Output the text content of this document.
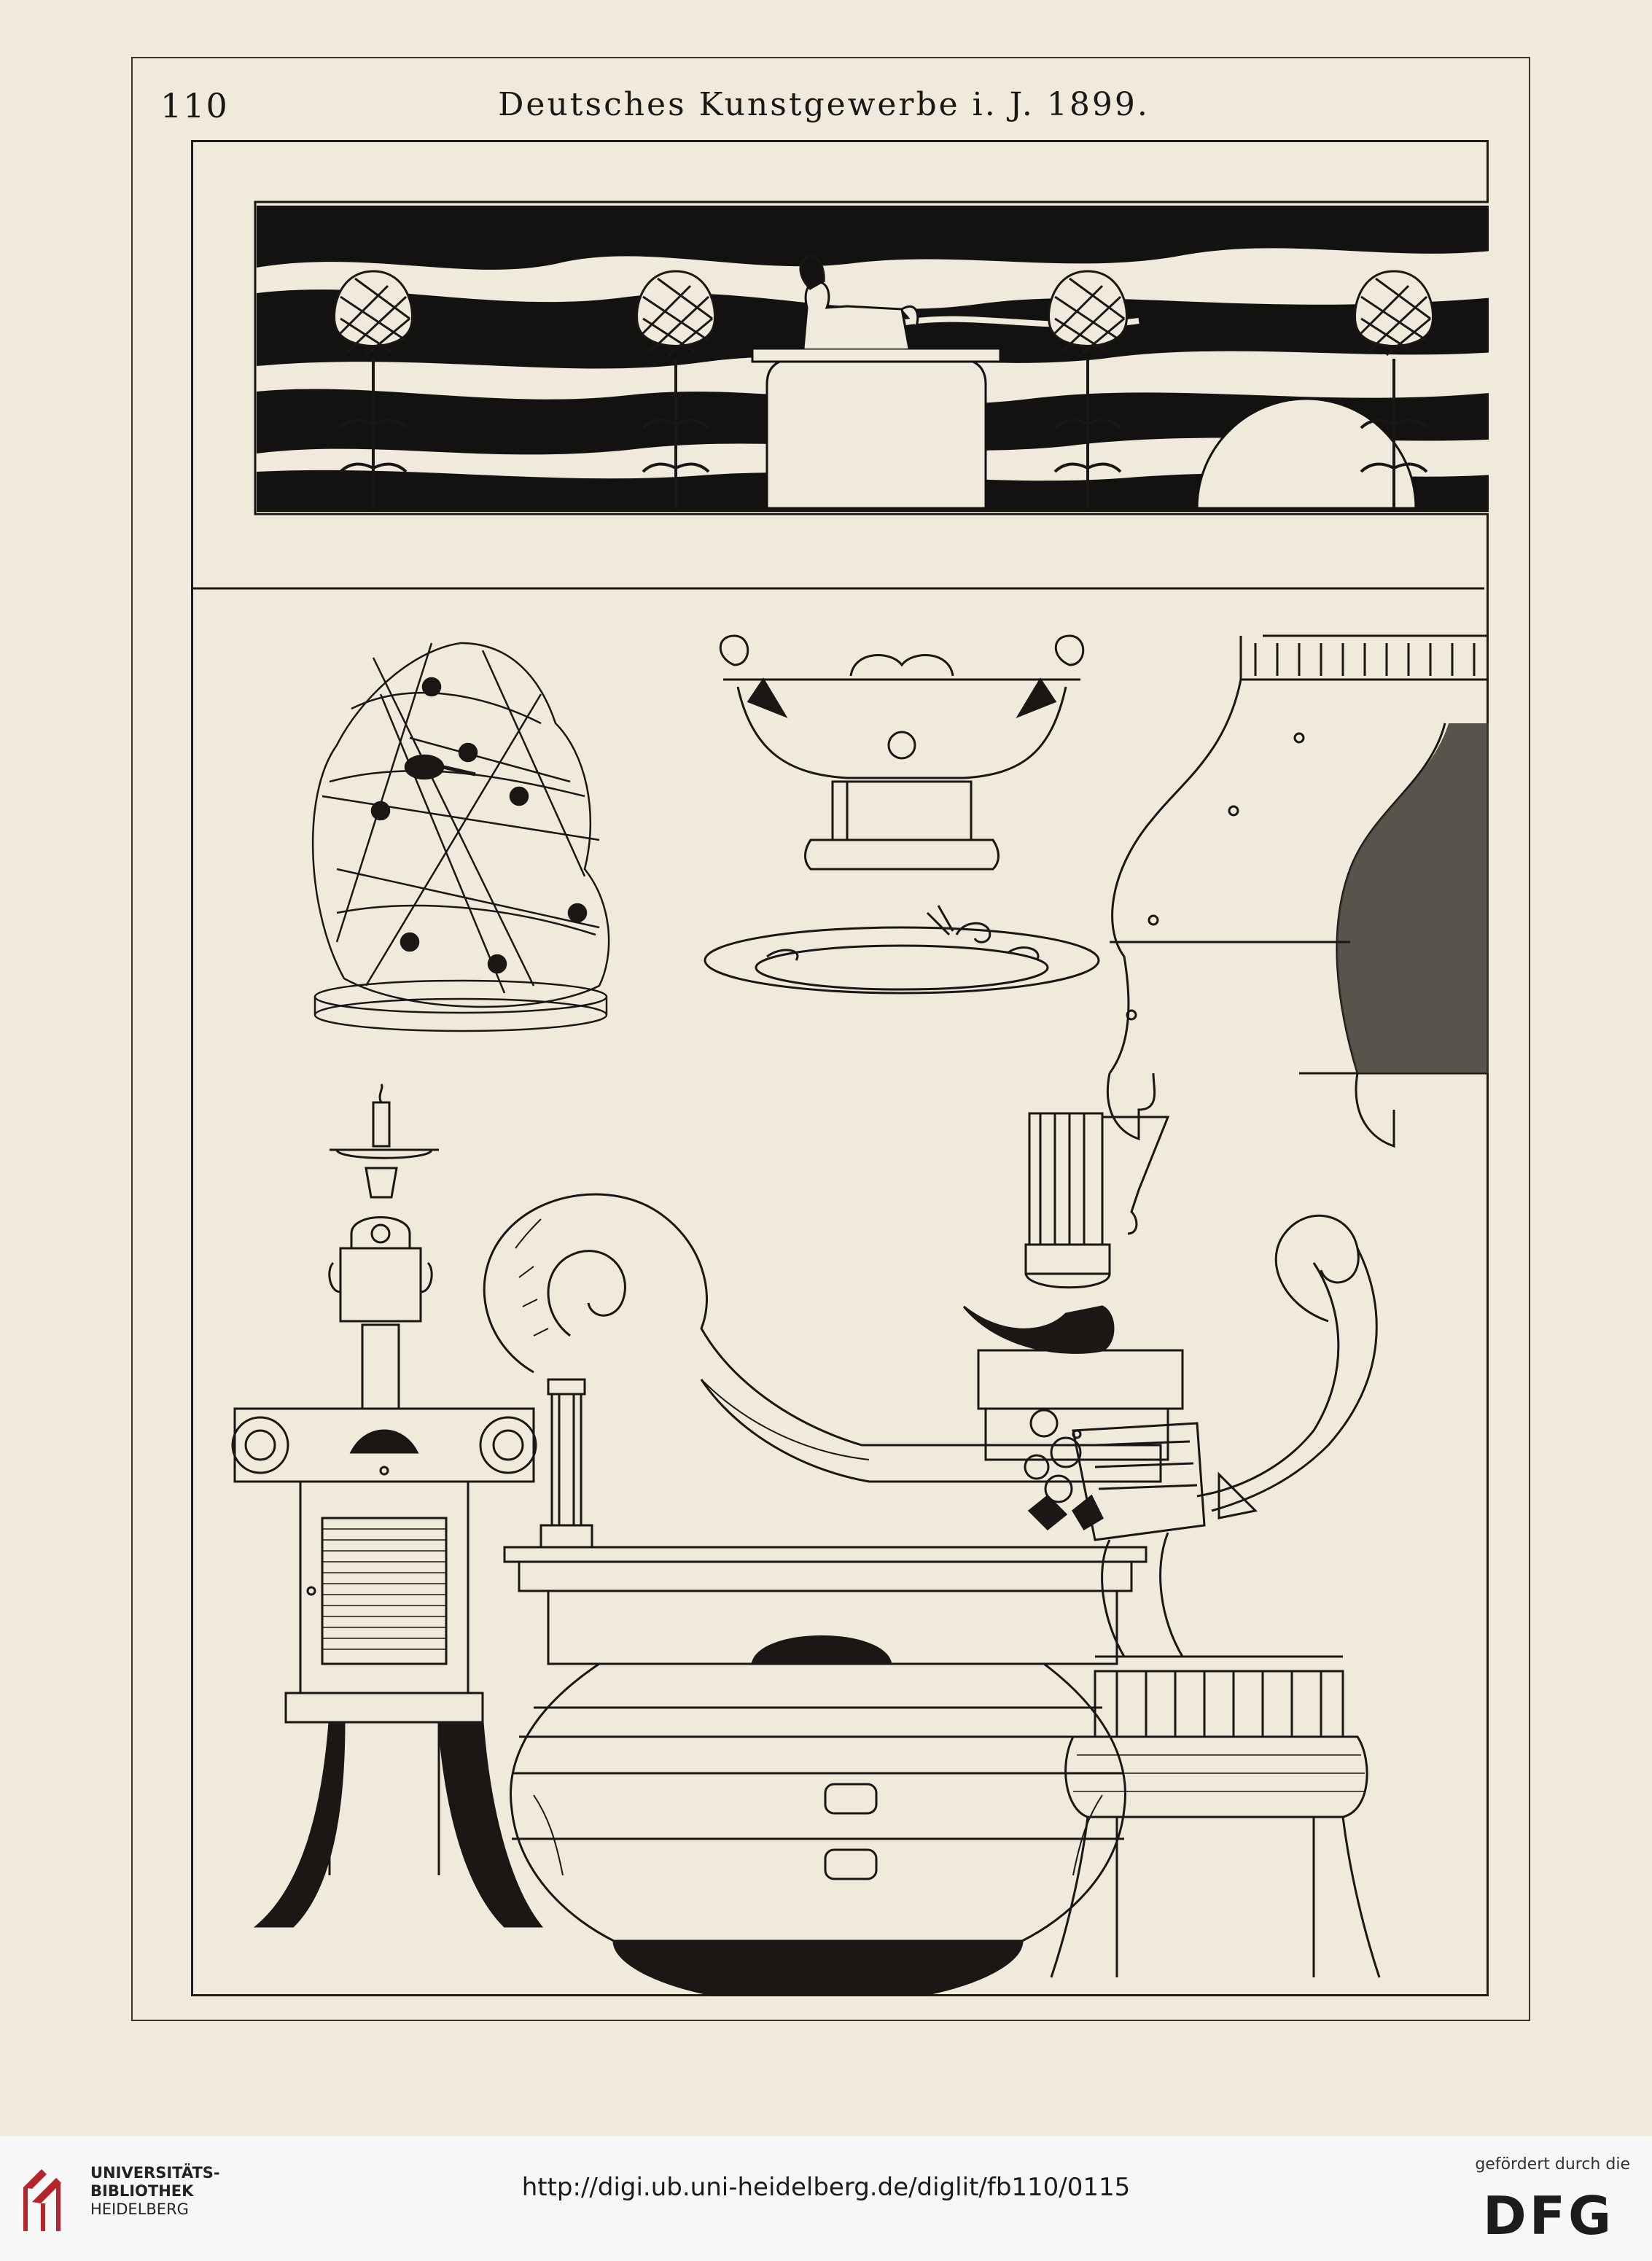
110	Deutsches Kunstgewerbe i. J. 1899.
UNIVERSITÄTS-
BIBLIOTHEK
HEIDELBERG
http://digi.ub.uni-heidelberg.de/diglit/fb110/0115
gefördert durch die
DFG
